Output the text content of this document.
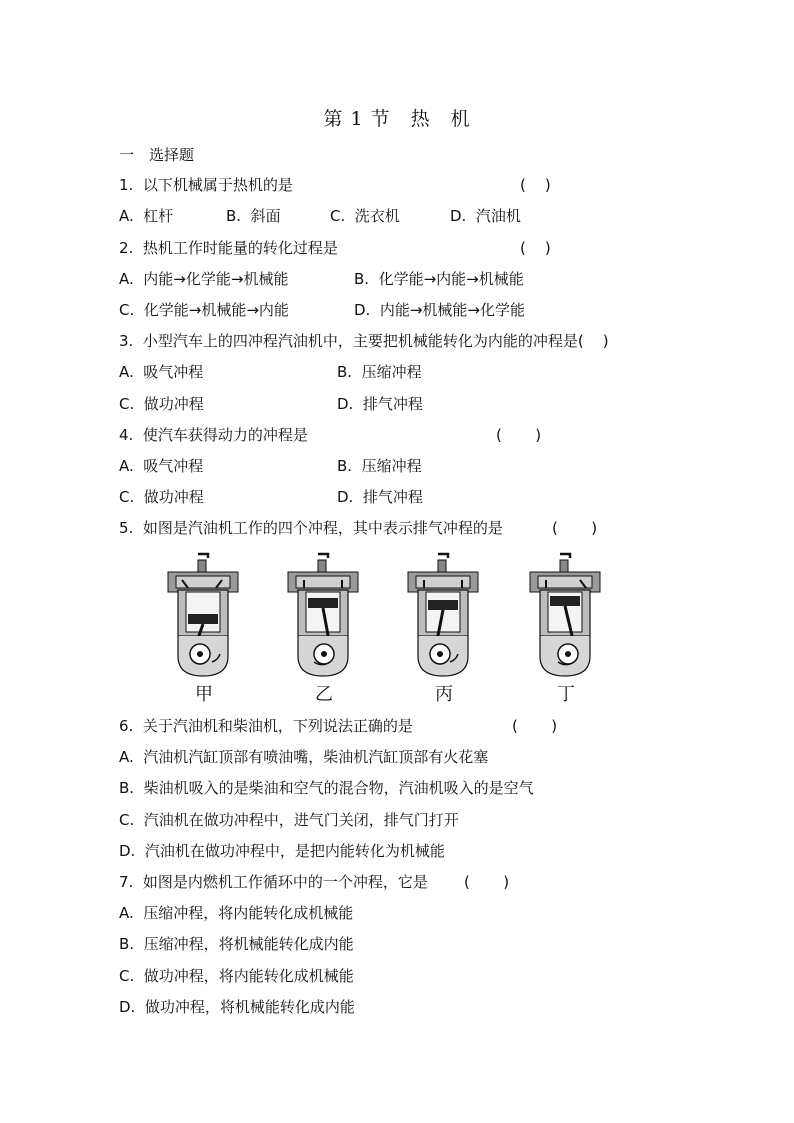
第 1 节　热　机
一　选择题
1.  以下机械属于热机的是	(    )
A.  杠杆	B.  斜面	C.  洗衣机	D.  汽油机
2.  热机工作时能量的转化过程是	(    )
A.  内能→化学能→机械能	B.  化学能→内能→机械能
C.  化学能→机械能→内能	D.  内能→机械能→化学能
3.  小型汽车上的四冲程汽油机中，主要把机械能转化为内能的冲程是(    )
A.  吸气冲程	B.  压缩冲程
C.  做功冲程	D.  排气冲程
4.  使汽车获得动力的冲程是	(       )
A.  吸气冲程	B.  压缩冲程
C.  做功冲程	D.  排气冲程
5.  如图是汽油机工作的四个冲程，其中表示排气冲程的是	(       )
甲	乙	丙	丁
6.  关于汽油机和柴油机，下列说法正确的是	(       )
A.  汽油机汽缸顶部有喷油嘴，柴油机汽缸顶部有火花塞
B.  柴油机吸入的是柴油和空气的混合物，汽油机吸入的是空气
C.  汽油机在做功冲程中，进气门关闭，排气门打开
D.  汽油机在做功冲程中，是把内能转化为机械能
7.  如图是内燃机工作循环中的一个冲程，它是 (       )
A.  压缩冲程，将内能转化成机械能
B.  压缩冲程，将机械能转化成内能
C.  做功冲程，将内能转化成机械能
D.  做功冲程，将机械能转化成内能
